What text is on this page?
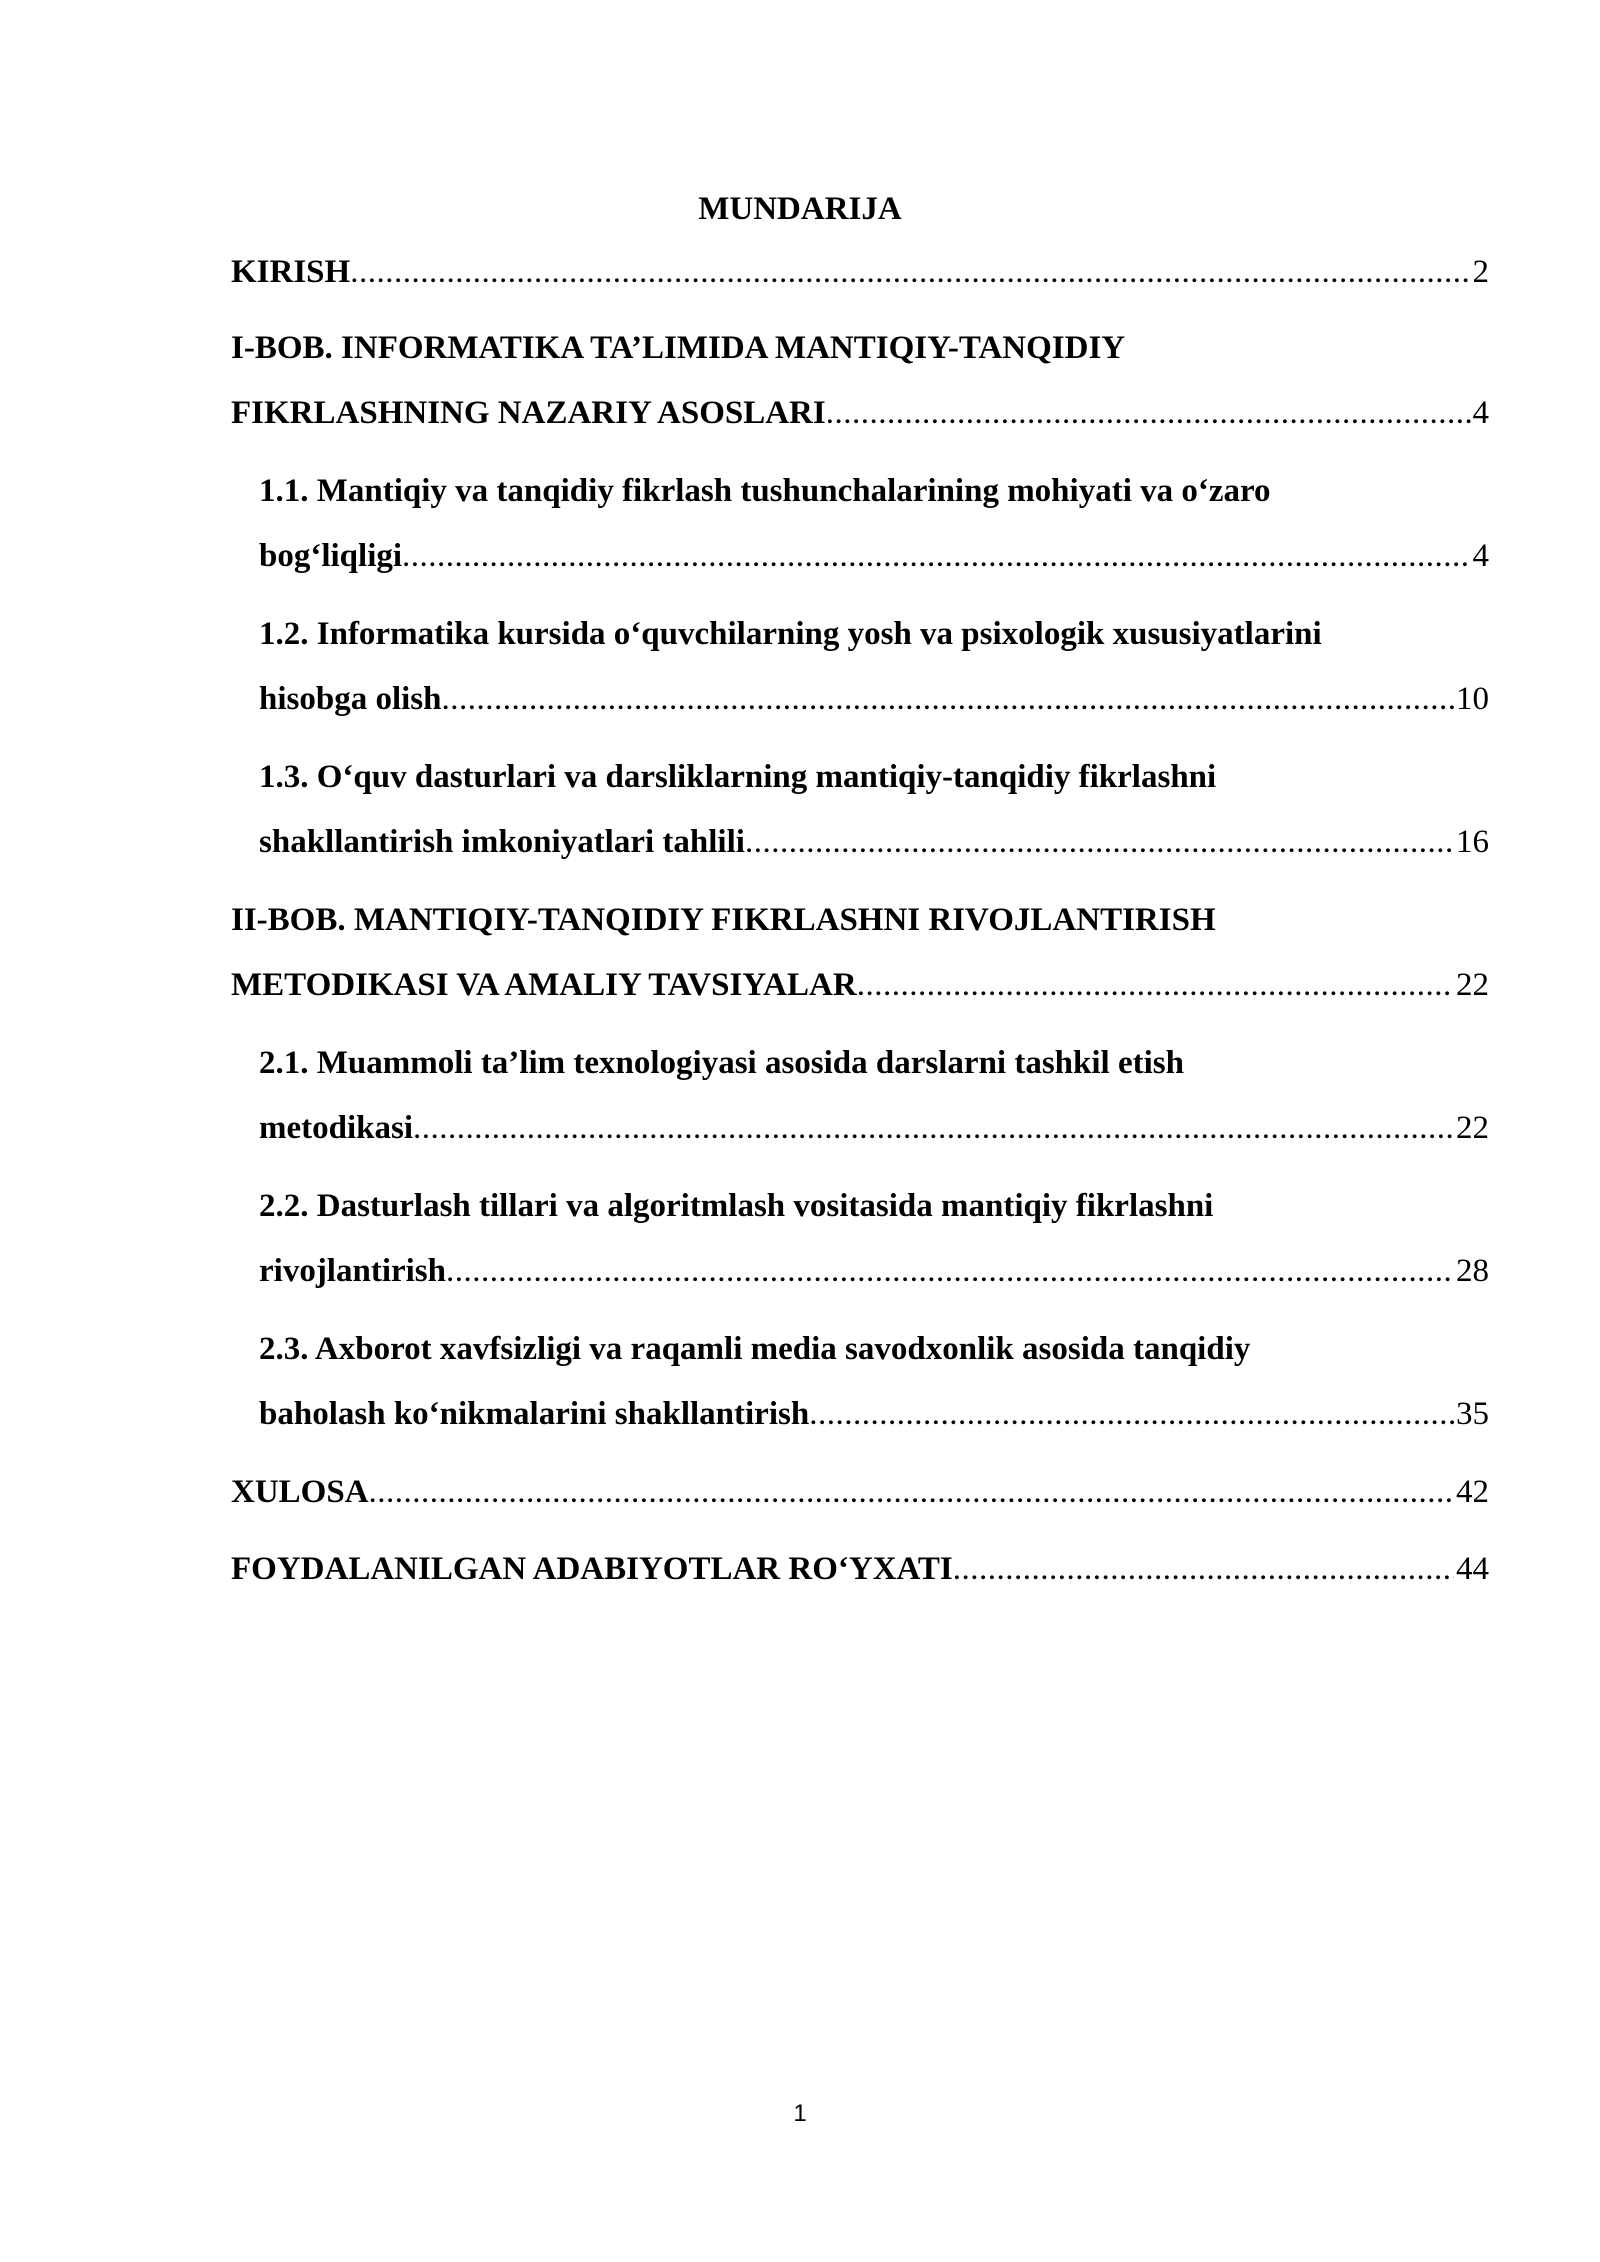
MUNDARIJA
KIRISH .....	2
I-BOB. INFORMATIKA TA’LIMIDA MANTIQIY-TANQIDIY
FIKRLASHNING NAZARIY ASOSLARI .....	4
1.1. Mantiqiy va tanqidiy fikrlash tushunchalarining mohiyati va o‘zaro
bog‘liqligi .....	4
1.2. Informatika kursida o‘quvchilarning yosh va psixologik xususiyatlarini
hisobga olish .....	10
1.3. O‘quv dasturlari va darsliklarning mantiqiy-tanqidiy fikrlashni
shakllantirish imkoniyatlari tahlili .....	16
II-BOB. MANTIQIY-TANQIDIY FIKRLASHNI RIVOJLANTIRISH
METODIKASI VA AMALIY TAVSIYALAR .....	22
2.1. Muammoli ta’lim texnologiyasi asosida darslarni tashkil etish
metodikasi .....	22
2.2. Dasturlash tillari va algoritmlash vositasida mantiqiy fikrlashni
rivojlantirish .....	28
2.3. Axborot xavfsizligi va raqamli media savodxonlik asosida tanqidiy
baholash ko‘nikmalarini shakllantirish .....	35
XULOSA .....	42
FOYDALANILGAN ADABIYOTLAR RO‘YXATI .....	44
1
